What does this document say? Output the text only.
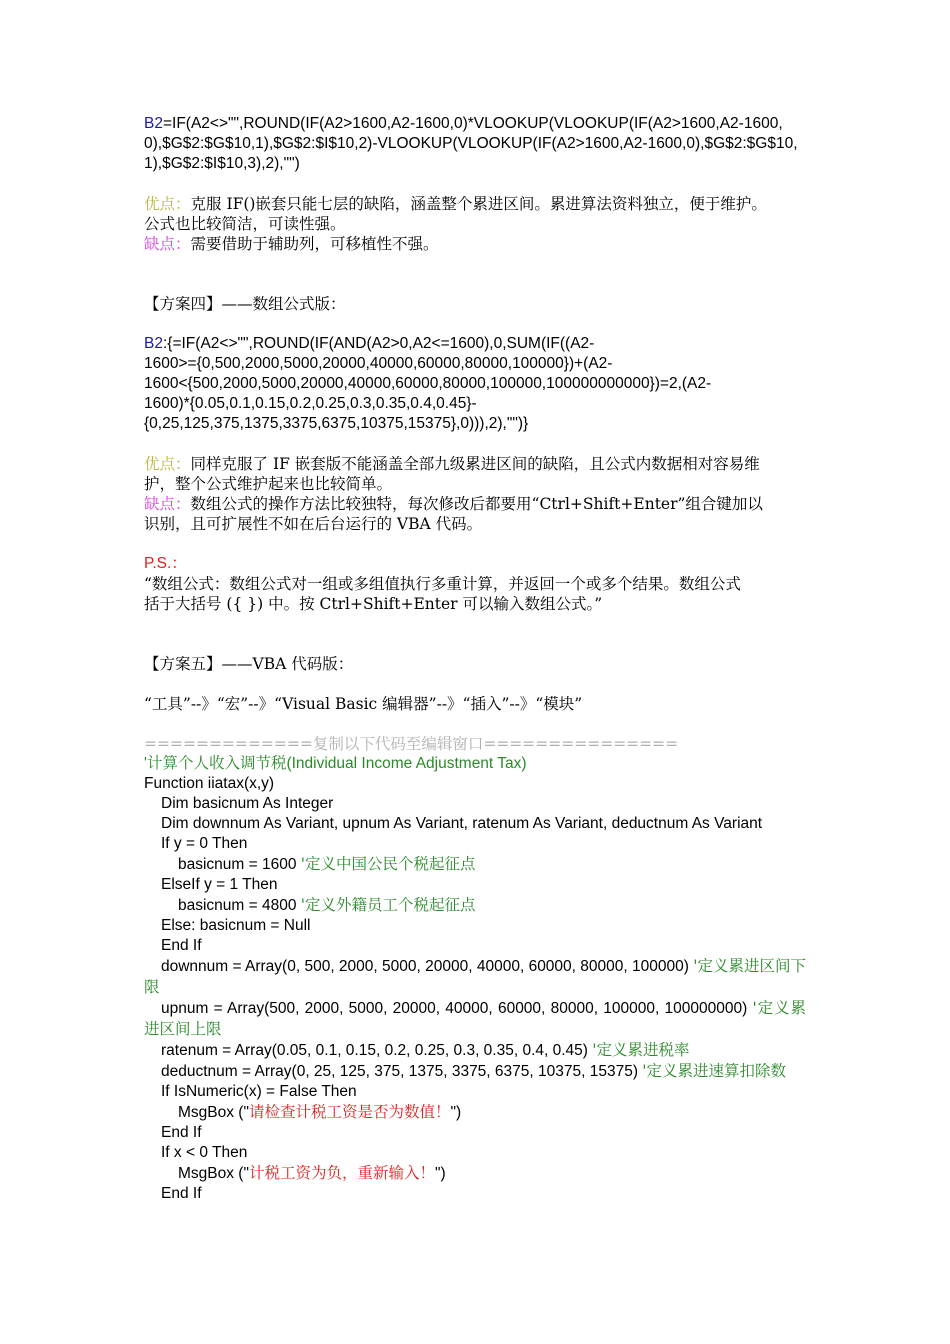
B2=IF(A2<>"",ROUND(IF(A2>1600,A2-1600,0)*VLOOKUP(VLOOKUP(IF(A2>1600,A2-1600,0),$G$2:$G$10,1),$G$2:$I$10,2)-VLOOKUP(VLOOKUP(IF(A2>1600,A2-1600,0),$G$2:$G$10,1),$G$2:$I$10,3),2),"")

优点：克服 IF()嵌套只能七层的缺陷，涵盖整个累进区间。累进算法资料独立，便于维护。

公式也比较简洁，可读性强。

缺点：需要借助于辅助列，可移植性不强。

【方案四】——数组公式版：

B2:{=IF(A2<>"",ROUND(IF(AND(A2>0,A2<=1600),0,SUM(IF((A2-

1600>={0,500,2000,5000,20000,40000,60000,80000,100000})+(A2-

1600<{500,2000,5000,20000,40000,60000,80000,100000,100000000000})=2,(A2-

1600)*{0.05,0.1,0.15,0.2,0.25,0.3,0.35,0.4,0.45}-

{0,25,125,375,1375,3375,6375,10375,15375},0))),2),"")}

优点：同样克服了 IF 嵌套版不能涵盖全部九级累进区间的缺陷，且公式内数据相对容易维

护，整个公式维护起来也比较简单。

缺点：数组公式的操作方法比较独特，每次修改后都要用“Ctrl+Shift+Enter”组合键加以

识别，且可扩展性不如在后台运行的 VBA 代码。

P.S.：

“数组公式：数组公式对一组或多组值执行多重计算，并返回一个或多个结果。数组公式

括于大括号 ({ }) 中。按 Ctrl+Shift+Enter 可以输入数组公式。”

【方案五】——VBA 代码版：

“工具”--》“宏”--》“Visual Basic 编辑器”--》“插入”--》“模块”

=============复制以下代码至编辑窗口===============

'计算个人收入调节税(Individual Income Adjustment Tax)

Function iiatax(x,y)

Dim basicnum As Integer

Dim downnum As Variant, upnum As Variant, ratenum As Variant, deductnum As Variant

If y = 0 Then

basicnum = 1600 '定义中国公民个税起征点

ElseIf y = 1 Then

basicnum = 4800 '定义外籍员工个税起征点

Else: basicnum = Null

End If

downnum = Array(0, 500, 2000, 5000, 20000, 40000, 60000, 80000, 100000) '定义累进区间下限

upnum = Array(500, 2000, 5000, 20000, 40000, 60000, 80000, 100000, 100000000) '定义累进区间上限

ratenum = Array(0.05, 0.1, 0.15, 0.2, 0.25, 0.3, 0.35, 0.4, 0.45) '定义累进税率

deductnum = Array(0, 25, 125, 375, 1375, 3375, 6375, 10375, 15375) '定义累进速算扣除数

If IsNumeric(x) = False Then

MsgBox ("请检查计税工资是否为数值！")

End If

If x < 0 Then

MsgBox ("计税工资为负，重新输入！")

End If
